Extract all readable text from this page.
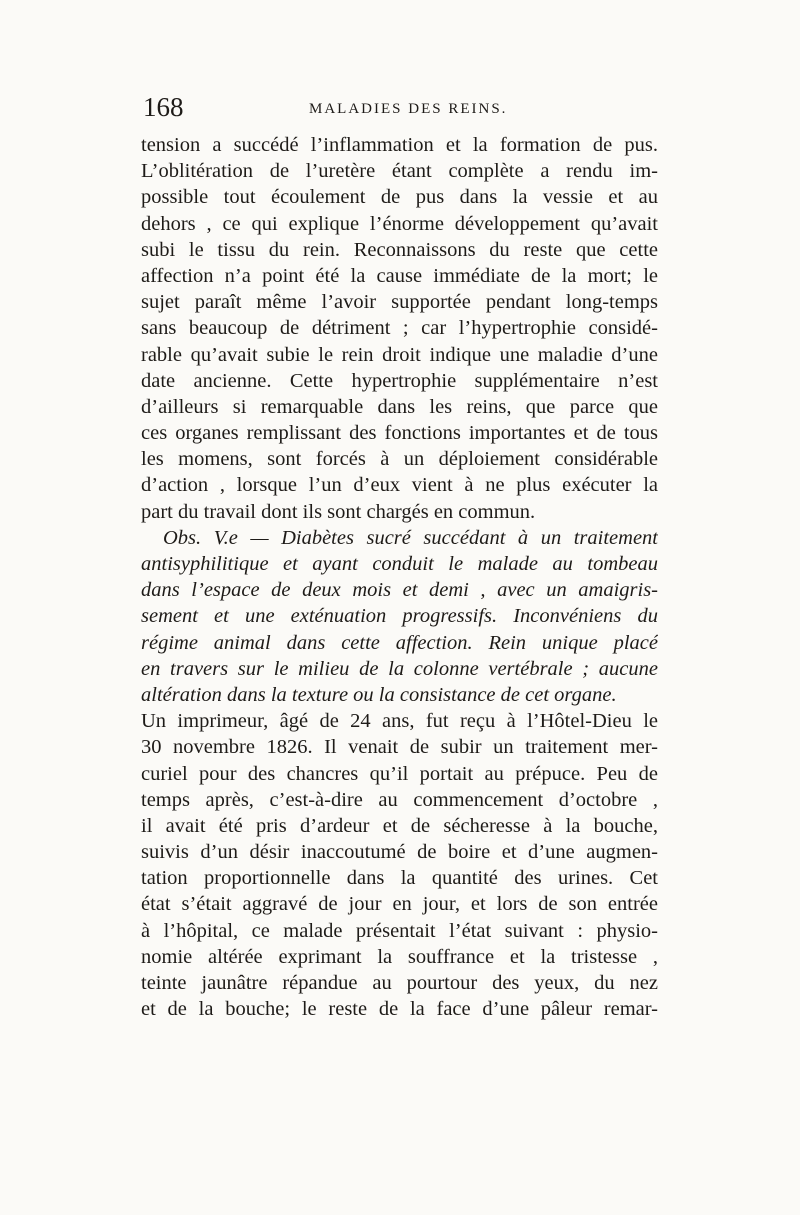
168	MALADIES DES REINS.
tension a succédé l’inflammation et la formation de pus.
L’oblitération de l’uretère étant complète a rendu im-
possible tout écoulement de pus dans la vessie et au
dehors , ce qui explique l’énorme développement qu’avait
subi le tissu du rein. Reconnaissons du reste que cette
affection n’a point été la cause immédiate de la mort; le
sujet paraît même l’avoir supportée pendant long-temps
sans beaucoup de détriment ; car l’hypertrophie considé-
rable qu’avait subie le rein droit indique une maladie d’une
date ancienne. Cette hypertrophie supplémentaire n’est
d’ailleurs si remarquable dans les reins, que parce que
ces organes remplissant des fonctions importantes et de tous
les momens, sont forcés à un déploiement considérable
d’action , lorsque l’un d’eux vient à ne plus exécuter la
part du travail dont ils sont chargés en commun.
Obs. V.e — Diabètes sucré succédant à un traitement
antisyphilitique et ayant conduit le malade au tombeau
dans l’espace de deux mois et demi , avec un amaigris-
sement et une exténuation progressifs. Inconvéniens du
régime animal dans cette affection. Rein unique placé
en travers sur le milieu de la colonne vertébrale ; aucune
altération dans la texture ou la consistance de cet organe.
Un imprimeur, âgé de 24 ans, fut reçu à l’Hôtel-Dieu le
30 novembre 1826. Il venait de subir un traitement mer-
curiel pour des chancres qu’il portait au prépuce. Peu de
temps après, c’est-à-dire au commencement d’octobre ,
il avait été pris d’ardeur et de sécheresse à la bouche,
suivis d’un désir inaccoutumé de boire et d’une augmen-
tation proportionnelle dans la quantité des urines. Cet
état s’était aggravé de jour en jour, et lors de son entrée
à l’hôpital, ce malade présentait l’état suivant : physio-
nomie altérée exprimant la souffrance et la tristesse ,
teinte jaunâtre répandue au pourtour des yeux, du nez
et de la bouche; le reste de la face d’une pâleur remar-
